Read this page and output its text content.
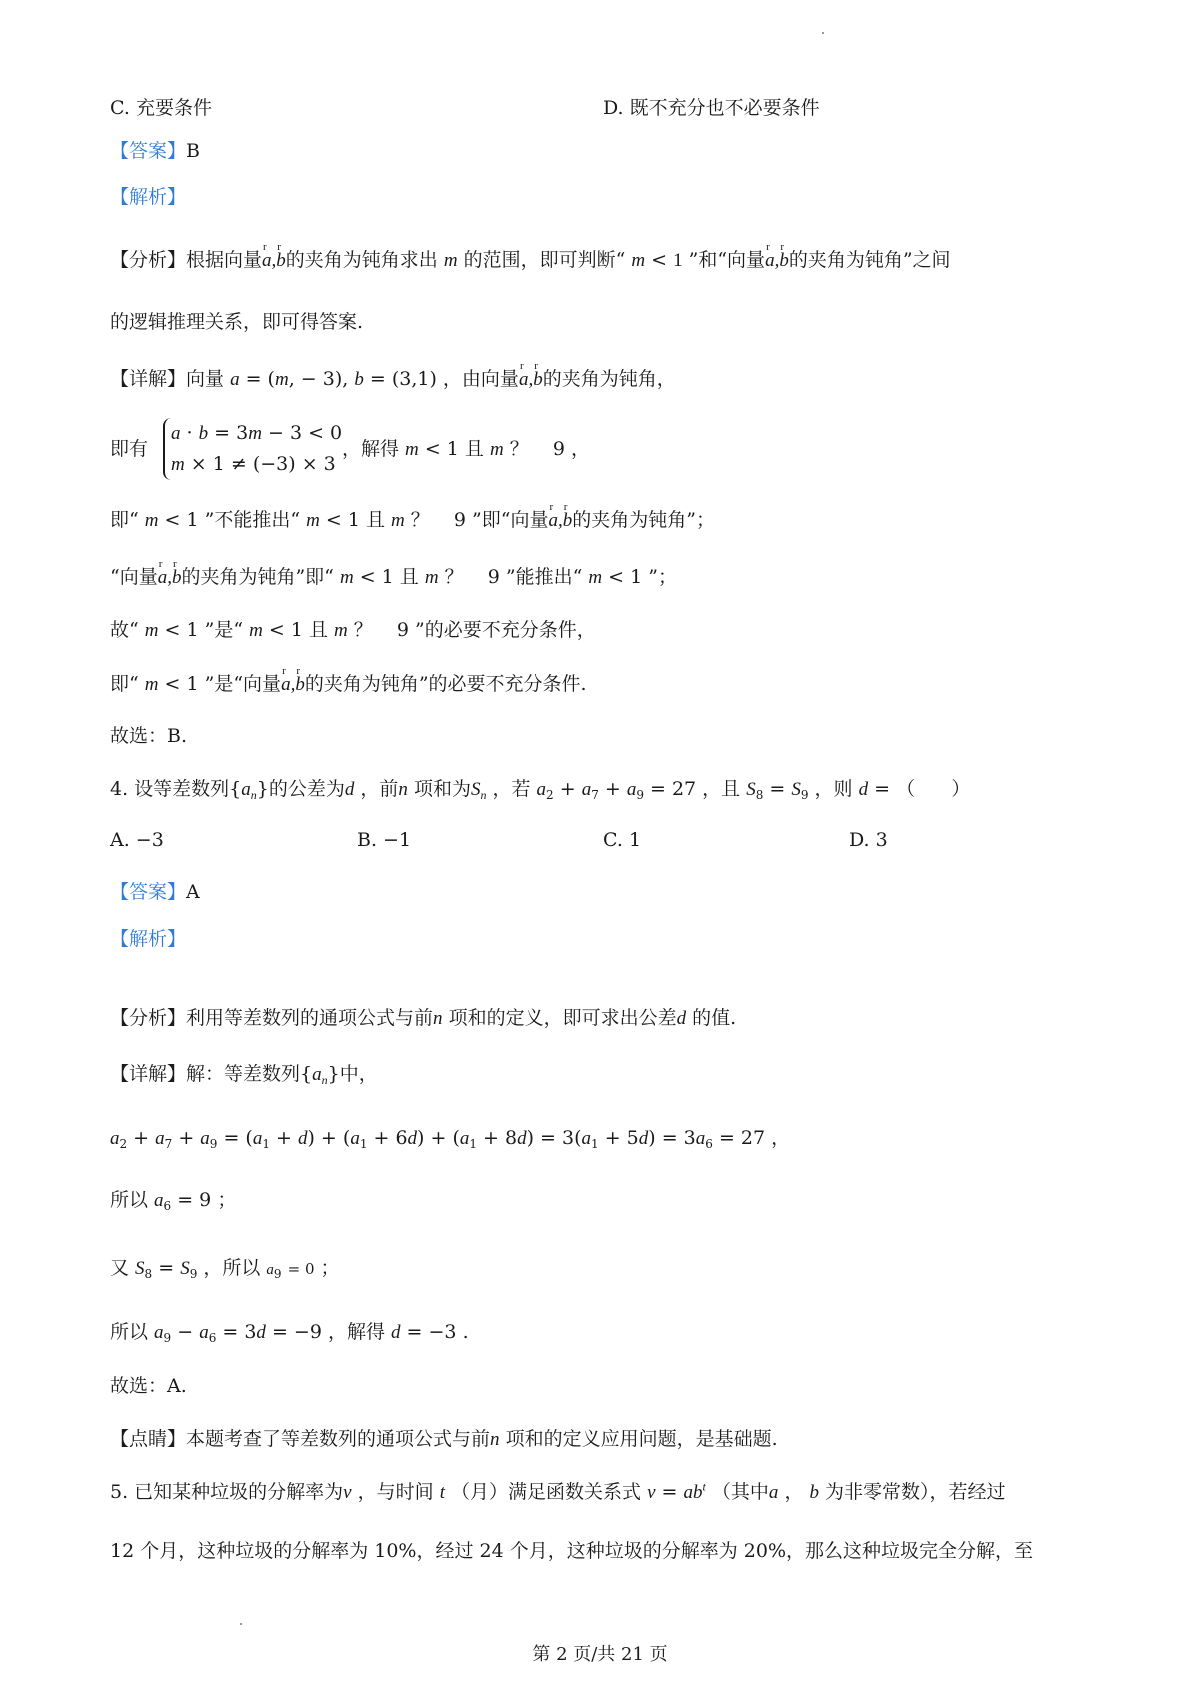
C. 充要条件	D. 既不充分也不必要条件
【答案】B
【解析】
【分析】根据向量r a,r b的夹角为钝角求出 m 的范围，即可判断“ m < 1 ”和“向量r a,r b的夹角为钝角”之间
的逻辑推理关系，即可得答案.
【详解】向量 a = (m, − 3), b = (3,1) ，由向量r a,r b的夹角为钝角，
即有
a · b = 3m − 3 < 0
m × 1 ≠ (−3) × 3
，解得 m < 1 且 m ？    9 ，
即“ m < 1 ”不能推出“ m < 1 且 m ？    9 ”即“向量r a,r b的夹角为钝角”；
“向量r a,r b的夹角为钝角”即“ m < 1 且 m ？    9 ”能推出“ m < 1 ”；
故“ m < 1 ”是“ m < 1 且 m ？    9 ”的必要不充分条件，
即“ m < 1 ”是“向量r a,r b的夹角为钝角”的必要不充分条件.
故选：B.
4. 设等差数列$\{a_n\}$的公差为d ，前n 项和为$S_n$ ，若 $a_2 + a_7 + a_9 = 27$ ，且 $S_8 = S_9$ ，则 d = （      ）
A. −3	B. −1	C. 1	D. 3
【答案】A
【解析】
【分析】利用等差数列的通项公式与前n 项和的定义，即可求出公差d 的值.
【详解】解：等差数列$\{a_n\}$中，
$a_2 + a_7 + a_9 = (a_1 + d) + (a_1 + 6d) + (a_1 + 8d) = 3(a_1 + 5d) = 3a_6 = 27$ ，
所以 $a_6 = 9$ ；
又 $S_8 = S_9$ ，所以 $a_9 = 0$ ；
所以 $a_9 - a_6 = 3d = -9$ ，解得 d = −3 .
故选：A.
【点睛】本题考查了等差数列的通项公式与前n 项和的定义应用问题，是基础题.
5. 已知某种垃圾的分解率为v ，与时间 t （月）满足函数关系式 $v = ab^t$ （其中a ， b 为非零常数），若经过
12 个月，这种垃圾的分解率为 10%，经过 24 个月，这种垃圾的分解率为 20%，那么这种垃圾完全分解，至
第 2 页/共 21 页
